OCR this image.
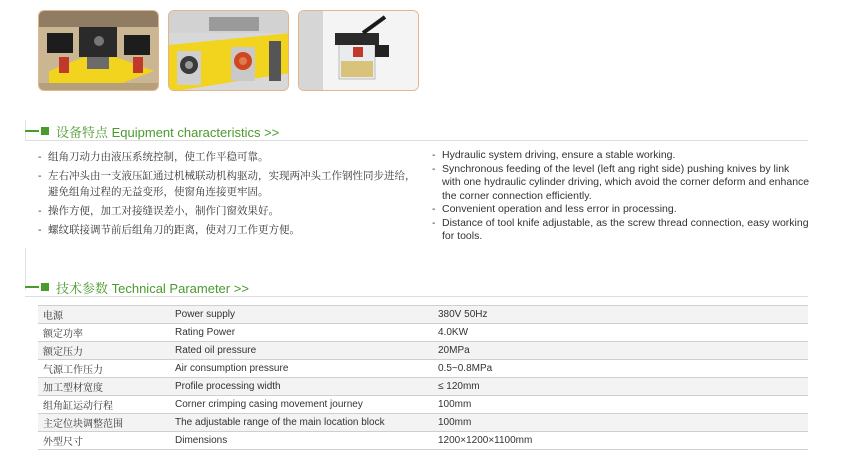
设备特点 Equipment characteristics >>
- 组角刀动力由液压系统控制，使工作平稳可靠。
- 左右冲头由一支液压缸通过机械联动机构驱动，实现两冲头工作钢性同步进给，避免组角过程的无益变形，使窗角连接更牢固。
- 操作方便，加工对接缝误差小，制作门窗效果好。
- 螺纹联接调节前后组角刀的距离，使对刀工作更方便。
- Hydraulic system driving, ensure a stable working.
- Synchronous feeding of the level (left ang right side) pushing knives by link with one hydraulic cylinder driving, which avoid the corner deform and enhance the corner connection efficiently.
- Convenient operation and less error in processing.
- Distance of tool knife adjustable, as the screw thread connection, easy working for tools.
技术参数 Technical Parameter >>
电源	Power supply	380V 50Hz
额定功率	Rating Power	4.0KW
额定压力	Rated oil pressure	20MPa
气源工作压力	Air consumption pressure	0.5~0.8MPa
加工型材宽度	Profile processing width	≤ 120mm
组角缸运动行程	Corner crimping casing movement journey	100mm
主定位块调整范围	The adjustable range of the main location block	100mm
外型尺寸	Dimensions	1200×1200×1100mm
